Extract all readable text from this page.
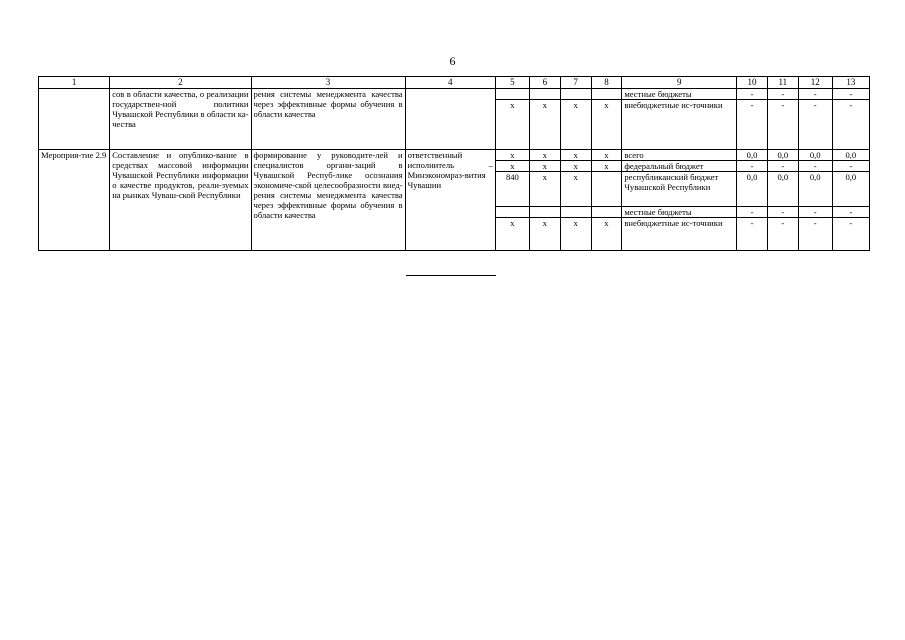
6
1	2	3	4	5	6	7	8	9	10	11	12	13
	сов в области качества, о реализации государствен-ной политики Чувашской Республики в области ка-чества	рения системы менеджмента качества через эффективные формы обучения в области качества						местные бюджеты	-	-	-	-
				x	x	x	x	внебюджетные ис-точники	-	-	-	-
Мероприя-тие 2.9	Составление и опублико-вание в средствах массовой информации Чувашской Республики информации о качестве продуктов, реали-зуемых на рынках Чуваш-ской Республики	формирование у руководите-лей и специалистов органи-заций в Чувашской Респуб-лике осознания экономиче-ской целесообразности внед-рения системы менеджмента качества через эффективные формы обучения в области качества	ответственный исполнитель – Минэкономраз-вития Чувашии	x	x	x	x	всего	0,0	0,0	0,0	0,0
				x	x	x	x	федеральный бюджет	-	-	-	-
				840	x	x		республиканский бюджет Чувашской Республики	0,0	0,0	0,0	0,0
								местные бюджеты	-	-	-	-
				x	x	x	x	внебюджетные ис-точники	-	-	-	-
